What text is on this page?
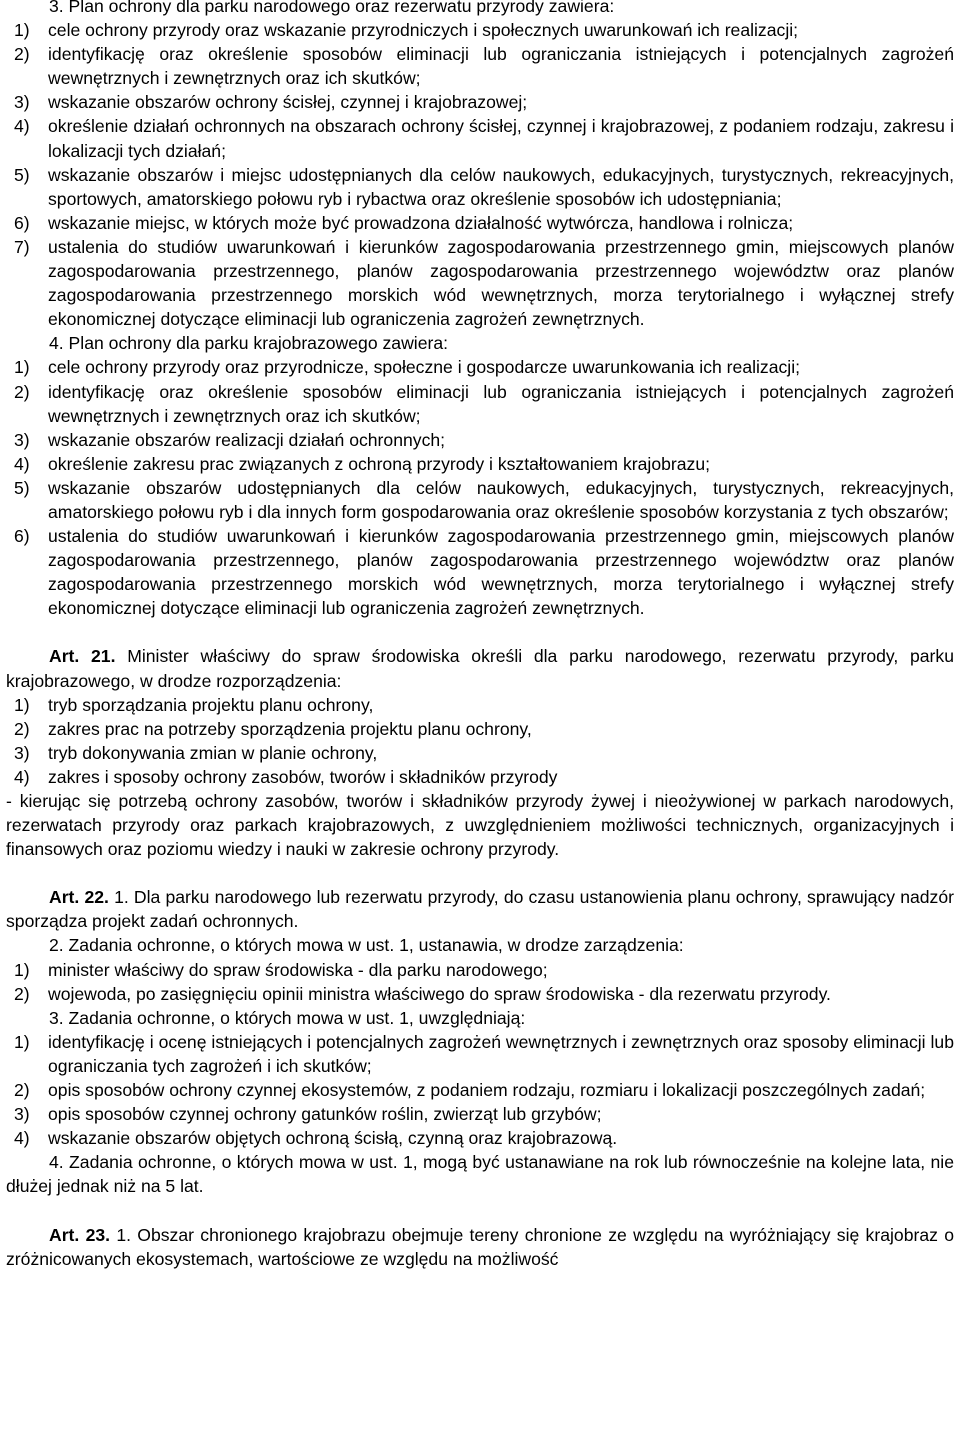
3. Plan ochrony dla parku narodowego oraz rezerwatu przyrody zawiera:

1) cele ochrony przyrody oraz wskazanie przyrodniczych i społecznych uwarunkowań ich realizacji;
2) identyfikację oraz określenie sposobów eliminacji lub ograniczania istniejących i potencjalnych zagrożeń wewnętrznych i zewnętrznych oraz ich skutków;
3) wskazanie obszarów ochrony ścisłej, czynnej i krajobrazowej;
4) określenie działań ochronnych na obszarach ochrony ścisłej, czynnej i krajobrazowej, z podaniem rodzaju, zakresu i lokalizacji tych działań;
5) wskazanie obszarów i miejsc udostępnianych dla celów naukowych, edukacyjnych, turystycznych, rekreacyjnych, sportowych, amatorskiego połowu ryb i rybactwa oraz określenie sposobów ich udostępniania;
6) wskazanie miejsc, w których może być prowadzona działalność wytwórcza, handlowa i rolnicza;
7) ustalenia do studiów uwarunkowań i kierunków zagospodarowania przestrzennego gmin, miejscowych planów zagospodarowania przestrzennego, planów zagospodarowania przestrzennego województw oraz planów zagospodarowania przestrzennego morskich wód wewnętrznych, morza terytorialnego i wyłącznej strefy ekonomicznej dotyczące eliminacji lub ograniczenia zagrożeń zewnętrznych.

4. Plan ochrony dla parku krajobrazowego zawiera:

1) cele ochrony przyrody oraz przyrodnicze, społeczne i gospodarcze uwarunkowania ich realizacji;
2) identyfikację oraz określenie sposobów eliminacji lub ograniczania istniejących i potencjalnych zagrożeń wewnętrznych i zewnętrznych oraz ich skutków;
3) wskazanie obszarów realizacji działań ochronnych;
4) określenie zakresu prac związanych z ochroną przyrody i kształtowaniem krajobrazu;
5) wskazanie obszarów udostępnianych dla celów naukowych, edukacyjnych, turystycznych, rekreacyjnych, amatorskiego połowu ryb i dla innych form gospodarowania oraz określenie sposobów korzystania z tych obszarów;
6) ustalenia do studiów uwarunkowań i kierunków zagospodarowania przestrzennego gmin, miejscowych planów zagospodarowania przestrzennego, planów zagospodarowania przestrzennego województw oraz planów zagospodarowania przestrzennego morskich wód wewnętrznych, morza terytorialnego i wyłącznej strefy ekonomicznej dotyczące eliminacji lub ograniczenia zagrożeń zewnętrznych.

Art. 21. Minister właściwy do spraw środowiska określi dla parku narodowego, rezerwatu przyrody, parku krajobrazowego, w drodze rozporządzenia:

1) tryb sporządzania projektu planu ochrony,
2) zakres prac na potrzeby sporządzenia projektu planu ochrony,
3) tryb dokonywania zmian w planie ochrony,
4) zakres i sposoby ochrony zasobów, tworów i składników przyrody

- kierując się potrzebą ochrony zasobów, tworów i składników przyrody żywej i nieożywionej w parkach narodowych, rezerwatach przyrody oraz parkach krajobrazowych, z uwzględnieniem możliwości technicznych, organizacyjnych i finansowych oraz poziomu wiedzy i nauki w zakresie ochrony przyrody.

Art. 22. 1. Dla parku narodowego lub rezerwatu przyrody, do czasu ustanowienia planu ochrony, sprawujący nadzór sporządza projekt zadań ochronnych.

2. Zadania ochronne, o których mowa w ust. 1, ustanawia, w drodze zarządzenia:

1) minister właściwy do spraw środowiska - dla parku narodowego;
2) wojewoda, po zasięgnięciu opinii ministra właściwego do spraw środowiska - dla rezerwatu przyrody.

3. Zadania ochronne, o których mowa w ust. 1, uwzględniają:

1) identyfikację i ocenę istniejących i potencjalnych zagrożeń wewnętrznych i zewnętrznych oraz sposoby eliminacji lub ograniczania tych zagrożeń i ich skutków;
2) opis sposobów ochrony czynnej ekosystemów, z podaniem rodzaju, rozmiaru i lokalizacji poszczególnych zadań;
3) opis sposobów czynnej ochrony gatunków roślin, zwierząt lub grzybów;
4) wskazanie obszarów objętych ochroną ścisłą, czynną oraz krajobrazową.

4. Zadania ochronne, o których mowa w ust. 1, mogą być ustanawiane na rok lub równocześnie na kolejne lata, nie dłużej jednak niż na 5 lat.

Art. 23. 1. Obszar chronionego krajobrazu obejmuje tereny chronione ze względu na wyróżniający się krajobraz o zróżnicowanych ekosystemach, wartościowe ze względu na możliwość
